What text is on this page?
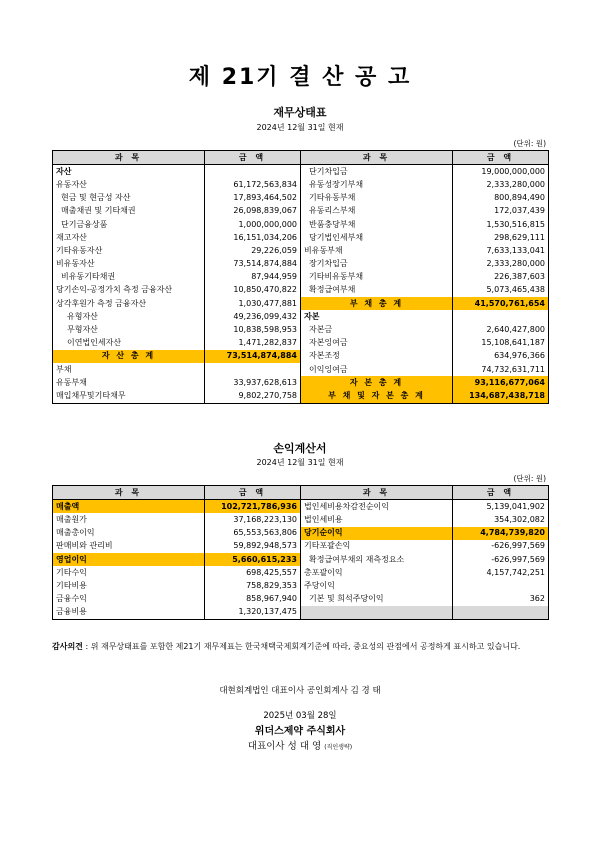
제 21기 결 산 공 고
재무상태표
2024년 12월 31일 현재
(단위: 원)
과 목	금 액	과 목	금 액
자산		단기차입금	19,000,000,000
유동자산	61,172,563,834	유동성장기부채	2,333,280,000
현금 및 현금성 자산	17,893,464,502	기타유동부채	800,894,490
매출채권 및 기타채권	26,098,839,067	유동리스부채	172,037,439
단기금융상품	1,000,000,000	반품충당부채	1,530,516,815
재고자산	16,151,034,206	당기법인세부채	298,629,111
기타유동자산	29,226,059	비유동부채	7,633,133,041
비유동자산	73,514,874,884	장기차입금	2,333,280,000
비유동기타채권	87,944,959	기타비유동부채	226,387,603
당기손익-공정가치 측정 금융자산	10,850,470,822	확정급여부채	5,073,465,438
상각후원가 측정 금융자산	1,030,477,881	부 채 총 계	41,570,761,654
유형자산	49,236,099,432	자본	
무형자산	10,838,598,953	자본금	2,640,427,800
이연법인세자산	1,471,282,837	자본잉여금	15,108,641,187
자 산 총 계	73,514,874,884	자본조정	634,976,366
부채		이익잉여금	74,732,631,711
유동부채	33,937,628,613	자 본 총 계	93,116,677,064
매입채무및기타채무	9,802,270,758	부 채 및 자 본 총 계	134,687,438,718
손익계산서
2024년 12월 31일 현재
(단위: 원)
과 목	금 액	과 목	금 액
매출액	102,721,786,936	법인세비용차감전순이익	5,139,041,902
매출원가	37,168,223,130	법인세비용	354,302,082
매출총이익	65,553,563,806	당기순이익	4,784,739,820
판매비와 관리비	59,892,948,573	기타포괄손익	-626,997,569
영업이익	5,660,615,233	확정급여부채의 재측정요소	-626,997,569
기타수익	698,425,557	총포괄이익	4,157,742,251
기타비용	758,829,353	주당이익	
금융수익	858,967,940	기본 및 희석주당이익	362
금융비용	1,320,137,475		
감사의견 : 위 재무상태표를 포함한 제21기 재무제표는 한국채택국제회계기준에 따라, 중요성의 관점에서 공정하게 표시하고 있습니다.
대현회계법인 대표이사 공인회계사 김 경 태
2025년 03월 28일
위더스제약 주식회사
대표이사 성 대 영 (직인생략)
